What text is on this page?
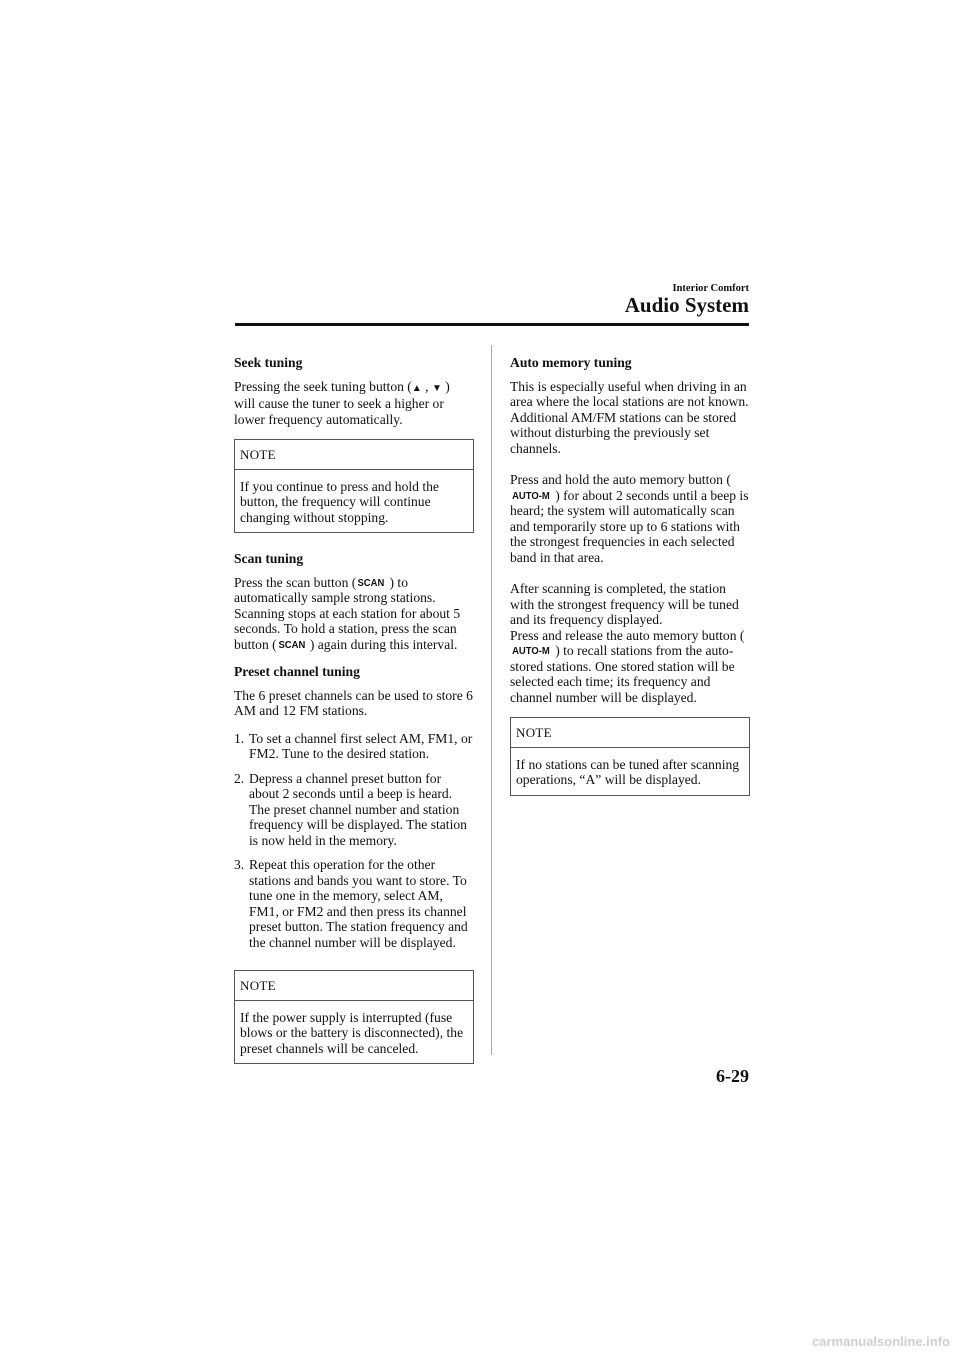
Interior Comfort
Audio System

Seek tuning

Pressing the seek tuning button (▲ , ▼ ) will cause the tuner to seek a higher or lower frequency automatically.

NOTE
If you continue to press and hold the button, the frequency will continue changing without stopping.

Scan tuning

Press the scan button (SCAN ) to automatically sample strong stations. Scanning stops at each station for about 5 seconds. To hold a station, press the scan button (SCAN ) again during this interval.

Preset channel tuning

The 6 preset channels can be used to store 6 AM and 12 FM stations.

1. To set a channel first select AM, FM1, or FM2. Tune to the desired station.
2. Depress a channel preset button for about 2 seconds until a beep is heard. The preset channel number and station frequency will be displayed. The station is now held in the memory.
3. Repeat this operation for the other stations and bands you want to store. To tune one in the memory, select AM, FM1, or FM2 and then press its channel preset button. The station frequency and the channel number will be displayed.
NOTE
If the power supply is interrupted (fuse blows or the battery is disconnected), the preset channels will be canceled.

Auto memory tuning

This is especially useful when driving in an area where the local stations are not known. Additional AM/FM stations can be stored without disturbing the previously set channels.

Press and hold the auto memory button (AUTO-M ) for about 2 seconds until a beep is heard; the system will automatically scan and temporarily store up to 6 stations with the strongest frequencies in each selected band in that area.

After scanning is completed, the station with the strongest frequency will be tuned and its frequency displayed.

Press and release the auto memory button (AUTO-M ) to recall stations from the auto-stored stations. One stored station will be selected each time; its frequency and channel number will be displayed.

NOTE
If no stations can be tuned after scanning operations, “A” will be displayed.
6-29
carmanualsonline.info
